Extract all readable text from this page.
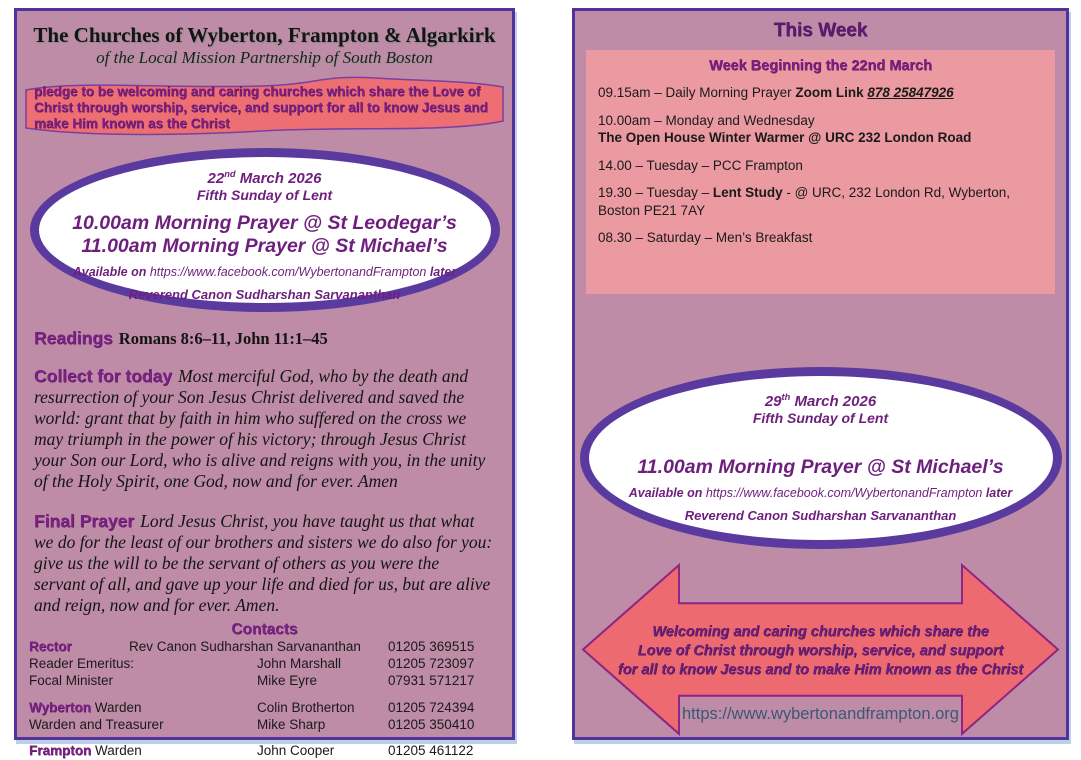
The Churches of Wyberton, Frampton & Algarkirk
of the Local Mission Partnership of South Boston
pledge to be welcoming and caring churches which share the Love of Christ through worship, service, and support for all to know Jesus and make Him known as the Christ
22nd March 2026
Fifth Sunday of Lent
10.00am Morning Prayer @ St Leodegar’s
11.00am Morning Prayer @ St Michael’s
Available on https://www.facebook.com/WybertonandFrampton later
Reverend Canon Sudharshan Sarvananthan
Readings Romans 8:6–11, John 11:1–45
Collect for today Most merciful God, who by the death and resurrection of your Son Jesus Christ delivered and saved the world: grant that by faith in him who suffered on the cross we may triumph in the power of his victory; through Jesus Christ your Son our Lord, who is alive and reigns with you, in the unity of the Holy Spirit, one God, now and for ever. Amen
Final Prayer Lord Jesus Christ, you have taught us that what we do for the least of our brothers and sisters we do also for you: give us the will to be the servant of others as you were the servant of all, and gave up your life and died for us, but are alive and reign, now and for ever. Amen.
Contacts
Rector	Rev Canon Sudharshan Sarvananthan	01205 369515
Reader Emeritus:	John Marshall	01205 723097
Focal Minister	Mike Eyre	07931 571217
Wyberton Warden	Colin Brotherton	01205 724394
Warden and Treasurer	Mike Sharp	01205 350410
Frampton Warden	John Cooper	01205 461122
This Week
Week Beginning the 22nd March
09.15am – Daily Morning Prayer Zoom Link 878 25847926
10.00am – Monday and Wednesday
The Open House Winter Warmer @ URC 232 London Road
14.00 – Tuesday – PCC Frampton
19.30 – Tuesday – Lent Study - @ URC, 232 London Rd, Wyberton, Boston PE21 7AY
08.30 – Saturday – Men’s Breakfast
29th March 2026
Fifth Sunday of Lent
11.00am Morning Prayer @ St Michael’s
Available on https://www.facebook.com/WybertonandFrampton later
Reverend Canon Sudharshan Sarvananthan
Welcoming and caring churches which share the
Love of Christ through worship, service, and support
for all to know Jesus and to make Him known as the Christ
https://www.wybertonandframpton.org
